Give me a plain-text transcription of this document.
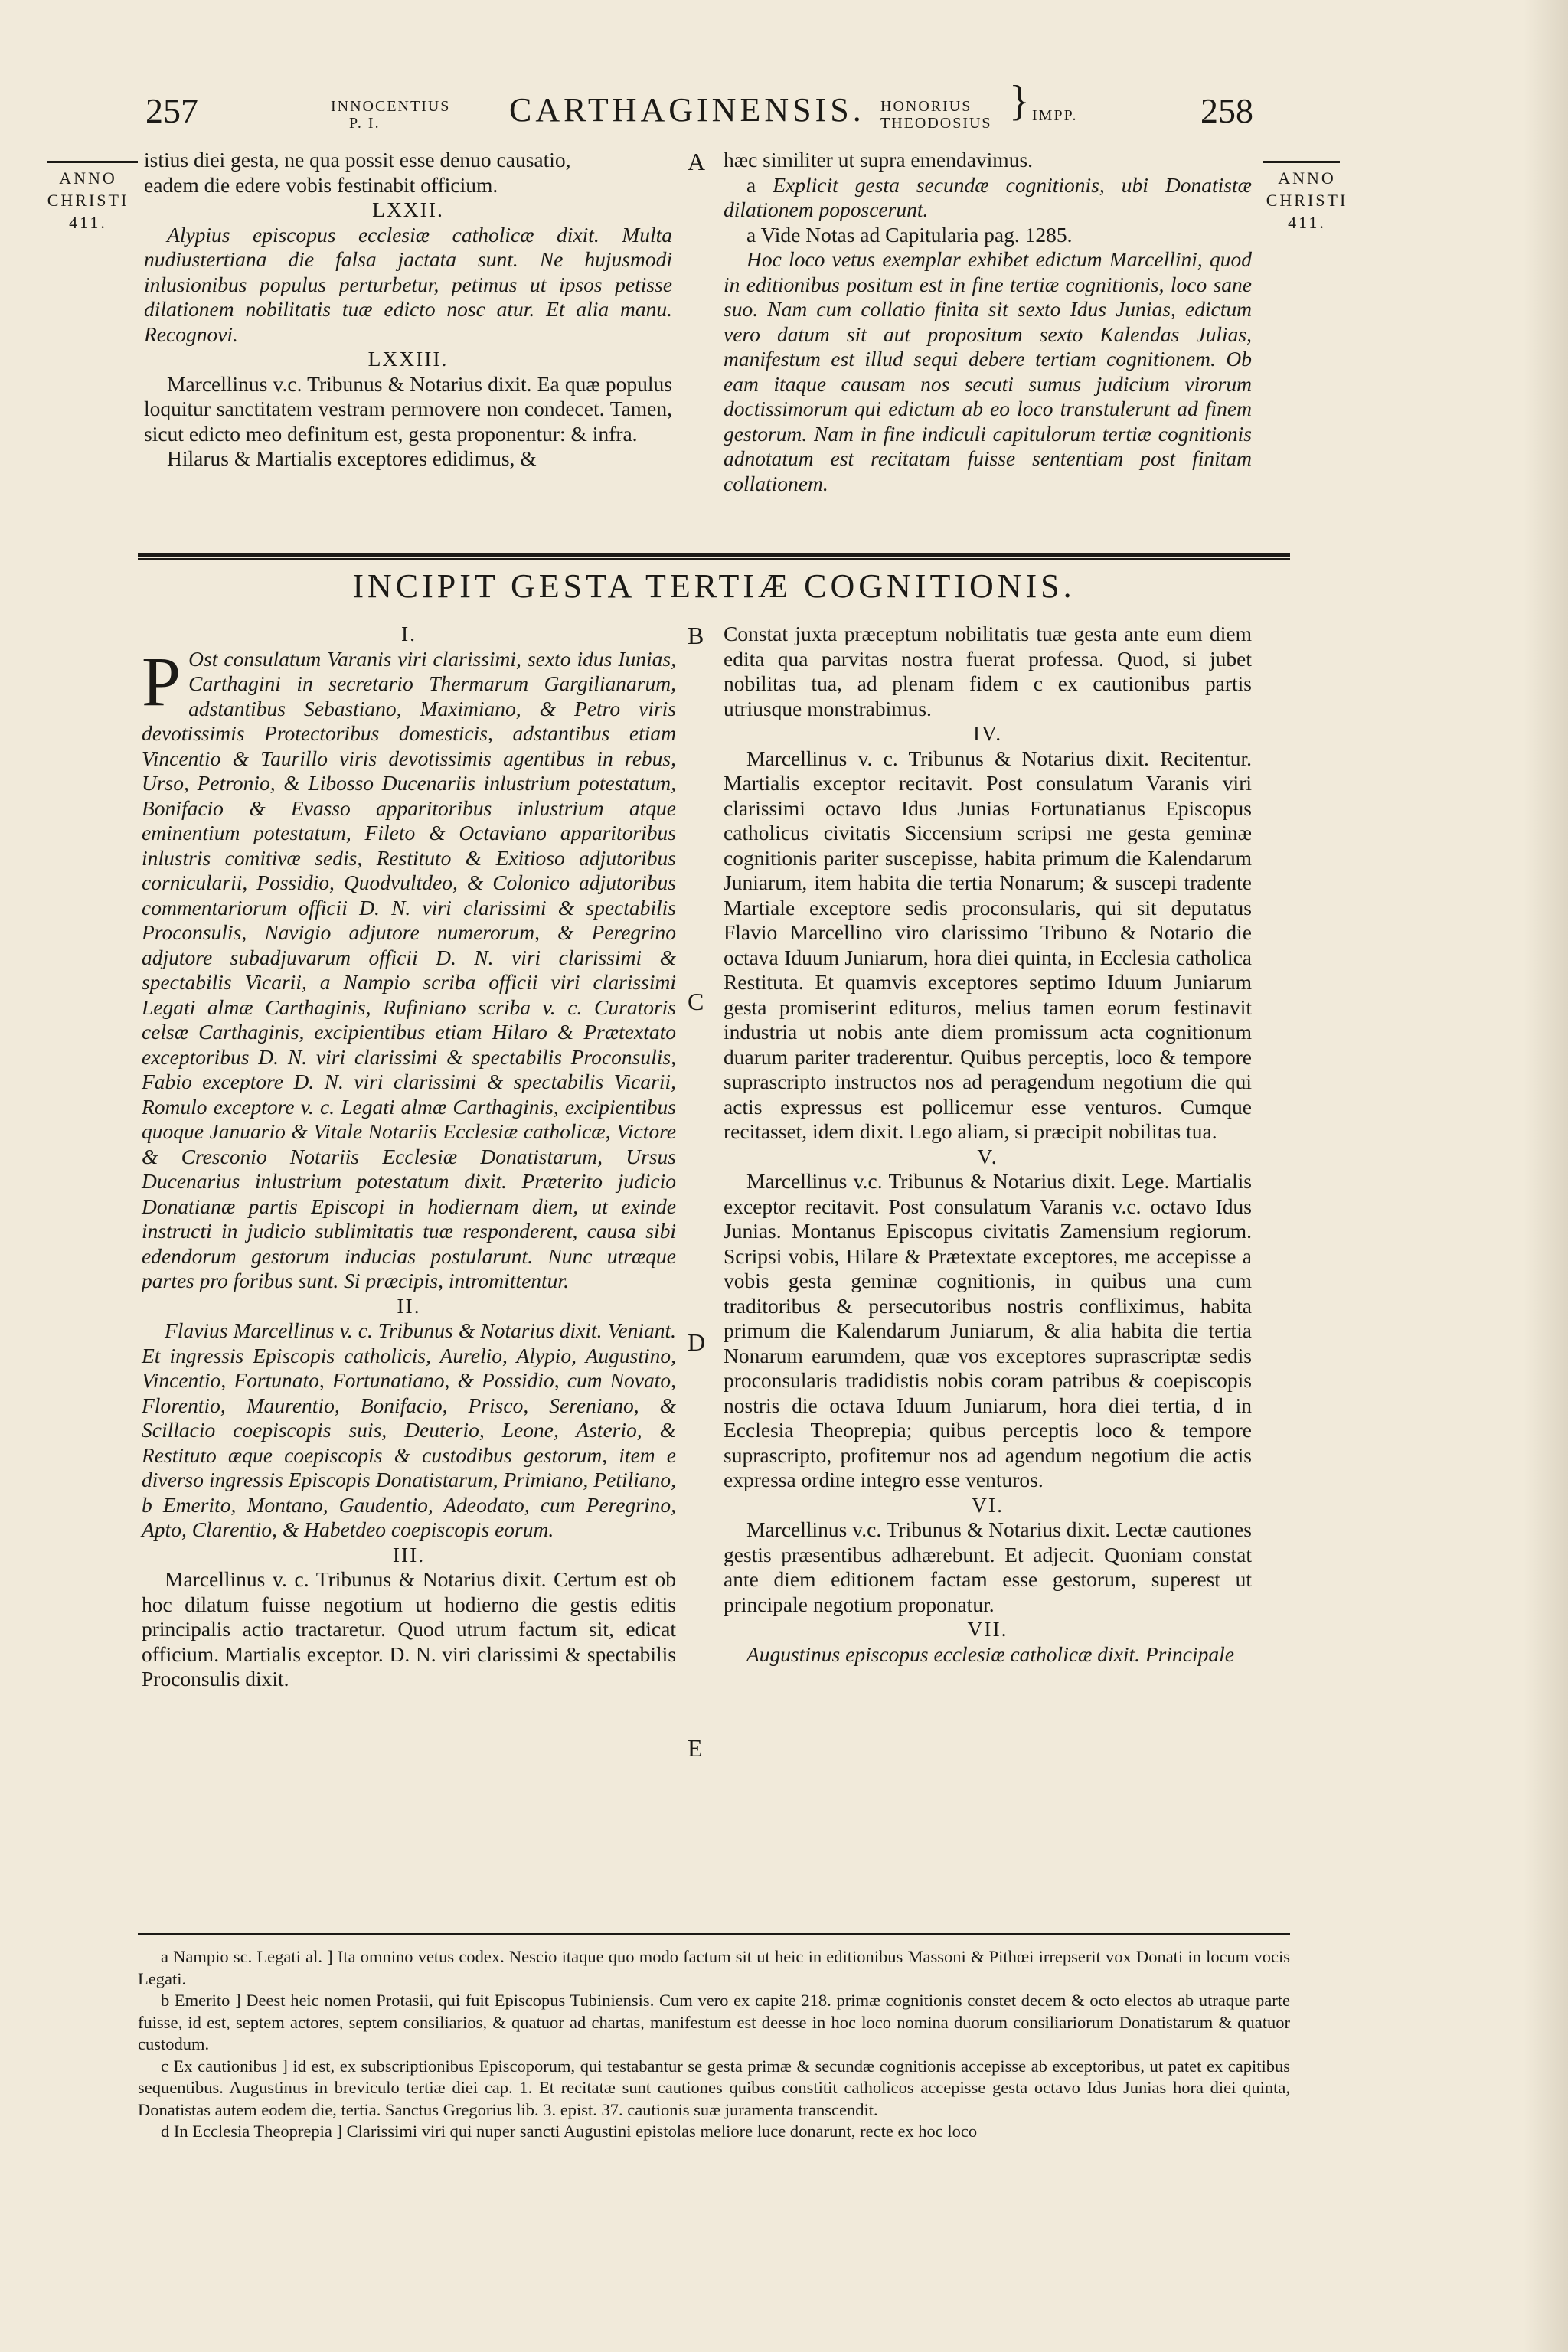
257	INNOCENTIUS
P. I.	CARTHAGINENSIS. HONORIUS
THEODOSIUS } IMPP.	258
ANNO
CHRISTI
411.
ANNO
CHRISTI
411.

istius diei gesta, ne qua possit esse denuo causatio,

eadem die edere vobis festinabit officium.

LXXII.

Alypius episcopus ecclesiæ catholicæ dixit. Multa nudiustertiana die falsa jactata sunt. Ne hujusmodi inlusionibus populus perturbetur, petimus ut ipsos petisse dilationem nobilitatis tuæ edicto nosc atur. Et alia manu. Recognovi.

LXXIII.

Marcellinus v.c. Tribunus & Notarius dixit. Ea quæ populus loquitur sanctitatem vestram permovere non condecet. Tamen, sicut edicto meo definitum est, gesta proponentur: & infra.

Hilarus & Martialis exceptores edidimus, &

A hæc similiter ut supra emendavimus.

a Explicit gesta secundæ cognitionis, ubi Donatistæ dilationem poposcerunt.

a Vide Notas ad Capitularia pag. 1285.

Hoc loco vetus exemplar exhibet edictum Marcellini, quod in editionibus positum est in fine tertiæ cognitionis, loco sane suo. Nam cum collatio finita sit sexto Idus Junias, edictum vero datum sit aut propositum sexto Kalendas Julias, manifestum est illud sequi debere tertiam cognitionem. Ob eam itaque causam nos secuti sumus judicium virorum doctissimorum qui edictum ab eo loco transtulerunt ad finem gestorum. Nam in fine indiculi capitulorum tertiæ cognitionis adnotatum est recitatam fuisse sententiam post finitam collationem.

INCIPIT GESTA TERTIÆ COGNITIONIS.

I.

P Ost consulatum Varanis viri clarissimi, sexto idus Iunias, Carthagini in secretario Thermarum Gargilianarum, adstantibus Sebastiano, Maximiano, & Petro viris devotissimis Protectoribus domesticis, adstantibus etiam Vincentio & Taurillo viris devotissimis agentibus in rebus, Urso, Petronio, & Libosso Ducenariis inlustrium potestatum, Bonifacio & Evasso apparitoribus inlustrium atque eminentium potestatum, Fileto & Octaviano apparitoribus inlustris comitivæ sedis, Restituto & Exitioso adjutoribus cornicularii, Possidio, Quodvultdeo, & Colonico adjutoribus commentariorum officii D. N. viri clarissimi & spectabilis Proconsulis, Navigio adjutore numerorum, & Peregrino adjutore subadjuvarum officii D. N. viri clarissimi & spectabilis Vicarii, a Nampio scriba officii viri clarissimi Legati almæ Carthaginis, Rufiniano scriba v. c. Curatoris celsæ Carthaginis, excipientibus etiam Hilaro & Prætextato exceptoribus D. N. viri clarissimi & spectabilis Proconsulis, Fabio exceptore D. N. viri clarissimi & spectabilis Vicarii, Romulo exceptore v. c. Legati almæ Carthaginis, excipientibus quoque Januario & Vitale Notariis Ecclesiæ catholicæ, Victore & Cresconio Notariis Ecclesiæ Donatistarum, Ursus Ducenarius inlustrium potestatum dixit. Præterito judicio Donatianæ partis Episcopi in hodiernam diem, ut exinde instructi in judicio sublimitatis tuæ responderent, causa sibi edendorum gestorum inducias postularunt. Nunc utræque partes pro foribus sunt. Si præcipis, intromittentur.

II.

Flavius Marcellinus v. c. Tribunus & Notarius dixit. Veniant. Et ingressis Episcopis catholicis, Aurelio, Alypio, Augustino, Vincentio, Fortunato, Fortunatiano, & Possidio, cum Novato, Florentio, Maurentio, Bonifacio, Prisco, Sereniano, & Scillacio coepiscopis suis, Deuterio, Leone, Asterio, & Restituto æque coepiscopis & custodibus gestorum, item e diverso ingressis Episcopis Donatistarum, Primiano, Petiliano, b Emerito, Montano, Gaudentio, Adeodato, cum Peregrino, Apto, Clarentio, & Habetdeo coepiscopis eorum.

III.

Marcellinus v. c. Tribunus & Notarius dixit. Certum est ob hoc dilatum fuisse negotium ut hodierno die gestis editis principalis actio tractaretur. Quod utrum factum sit, edicat officium. Martialis exceptor. D. N. viri clarissimi & spectabilis Proconsulis dixit.

B
C
D
E

Constat juxta præceptum nobilitatis tuæ gesta ante eum diem edita qua parvitas nostra fuerat professa. Quod, si jubet nobilitas tua, ad plenam fidem c ex cautionibus partis utriusque monstrabimus.

IV.

Marcellinus v. c. Tribunus & Notarius dixit. Recitentur. Martialis exceptor recitavit. Post consulatum Varanis viri clarissimi octavo Idus Junias Fortunatianus Episcopus catholicus civitatis Siccensium scripsi me gesta geminæ cognitionis pariter suscepisse, habita primum die Kalendarum Juniarum, item habita die tertia Nonarum; & suscepi tradente Martiale exceptore sedis proconsularis, qui sit deputatus Flavio Marcellino viro clarissimo Tribuno & Notario die octava Iduum Juniarum, hora diei quinta, in Ecclesia catholica Restituta. Et quamvis exceptores septimo Iduum Juniarum gesta promiserint edituros, melius tamen eorum festinavit industria ut nobis ante diem promissum acta cognitionum duarum pariter traderentur. Quibus perceptis, loco & tempore suprascripto instructos nos ad peragendum negotium die qui actis expressus est pollicemur esse venturos. Cumque recitasset, idem dixit. Lego aliam, si præcipit nobilitas tua.

V.

Marcellinus v.c. Tribunus & Notarius dixit. Lege. Martialis exceptor recitavit. Post consulatum Varanis v.c. octavo Idus Junias. Montanus Episcopus civitatis Zamensium regiorum. Scripsi vobis, Hilare & Prætextate exceptores, me accepisse a vobis gesta geminæ cognitionis, in quibus una cum traditoribus & persecutoribus nostris confliximus, habita primum die Kalendarum Juniarum, & alia habita die tertia Nonarum earumdem, quæ vos exceptores suprascriptæ sedis proconsularis tradidistis nobis coram patribus & coepiscopis nostris die octava Iduum Juniarum, hora diei tertia, d in Ecclesia Theoprepia; quibus perceptis loco & tempore suprascripto, profitemur nos ad agendum negotium die actis expressa ordine integro esse venturos.

VI.

Marcellinus v.c. Tribunus & Notarius dixit. Lectæ cautiones gestis præsentibus adhærebunt. Et adjecit. Quoniam constat ante diem editionem factam esse gestorum, superest ut principale negotium proponatur.

VII.

Augustinus episcopus ecclesiæ catholicæ dixit. Principale

a Nampio sc. Legati al. ] Ita omnino vetus codex. Nescio itaque quo modo factum sit ut heic in editionibus Massoni & Pithœi irrepserit vox Donati in locum vocis Legati.

b Emerito ] Deest heic nomen Protasii, qui fuit Episcopus Tubiniensis. Cum vero ex capite 218. primæ cognitionis constet decem & octo electos ab utraque parte fuisse, id est, septem actores, septem consiliarios, & quatuor ad chartas, manifestum est deesse in hoc loco nomina duorum consiliariorum Donatistarum & quatuor custodum.

c Ex cautionibus ] id est, ex subscriptionibus Episcoporum, qui testabantur se gesta primæ & secundæ cognitionis accepisse ab exceptoribus, ut patet ex capitibus sequentibus. Augustinus in breviculo tertiæ diei cap. 1. Et recitatæ sunt cautiones quibus constitit catholicos accepisse gesta octavo Idus Junias hora diei quinta, Donatistas autem eodem die, tertia. Sanctus Gregorius lib. 3. epist. 37. cautionis suæ juramenta transcendit.

d In Ecclesia Theoprepia ] Clarissimi viri qui nuper sancti Augustini epistolas meliore luce donarunt, recte ex hoc loco
